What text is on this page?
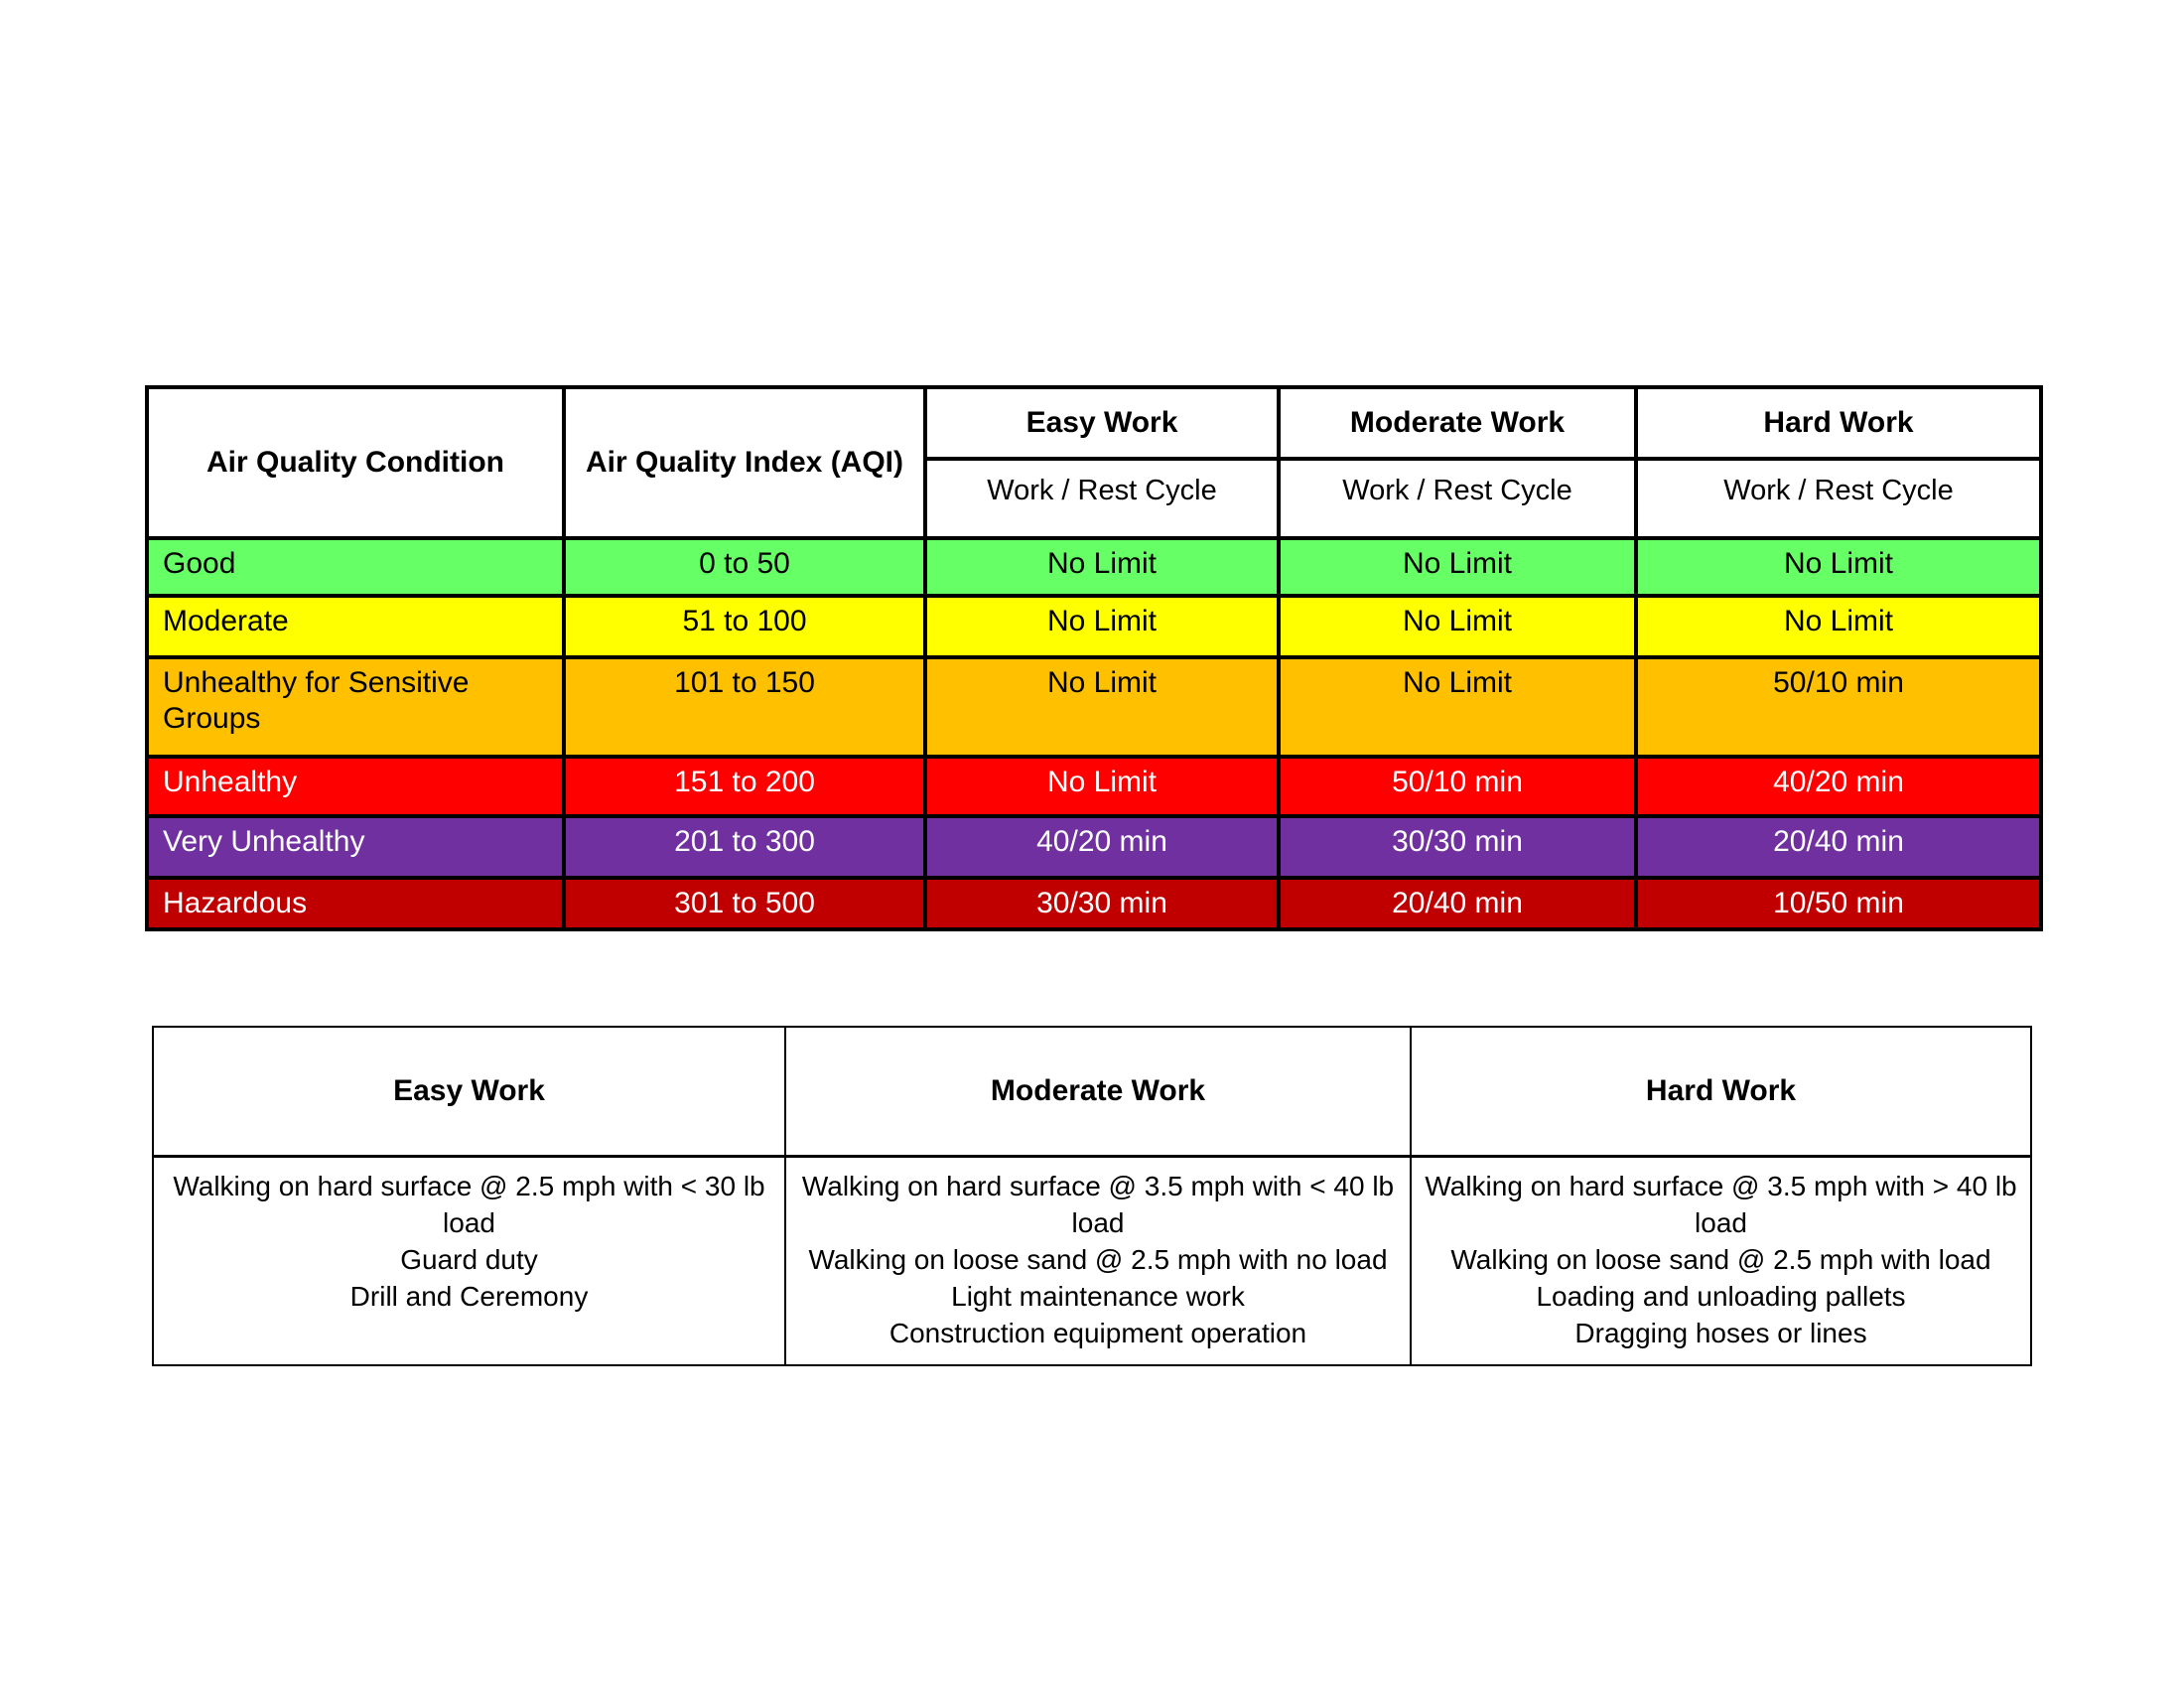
Air Quality Condition	Air Quality Index (AQI)	Easy Work	Moderate Work	Hard Work
		Work / Rest Cycle	Work / Rest Cycle	Work / Rest Cycle
Good	0 to 50	No Limit	No Limit	No Limit
Moderate	51 to 100	No Limit	No Limit	No Limit
Unhealthy for Sensitive Groups	101 to 150	No Limit	No Limit	50/10 min
Unhealthy	151 to 200	No Limit	50/10 min	40/20 min
Very Unhealthy	201 to 300	40/20 min	30/30 min	20/40 min
Hazardous	301 to 500	30/30 min	20/40 min	10/50 min
Easy Work	Moderate Work	Hard Work

Walking on hard surface @ 2.5 mph with < 30 lb load
Guard duty
Drill and Ceremony

Walking on hard surface @ 3.5 mph with < 40 lb load
Walking on loose sand @ 2.5 mph with no load
Light maintenance work
Construction equipment operation

Walking on hard surface @ 3.5 mph with > 40 lb load
Walking on loose sand @ 2.5 mph with load
Loading and unloading pallets
Dragging hoses or lines
